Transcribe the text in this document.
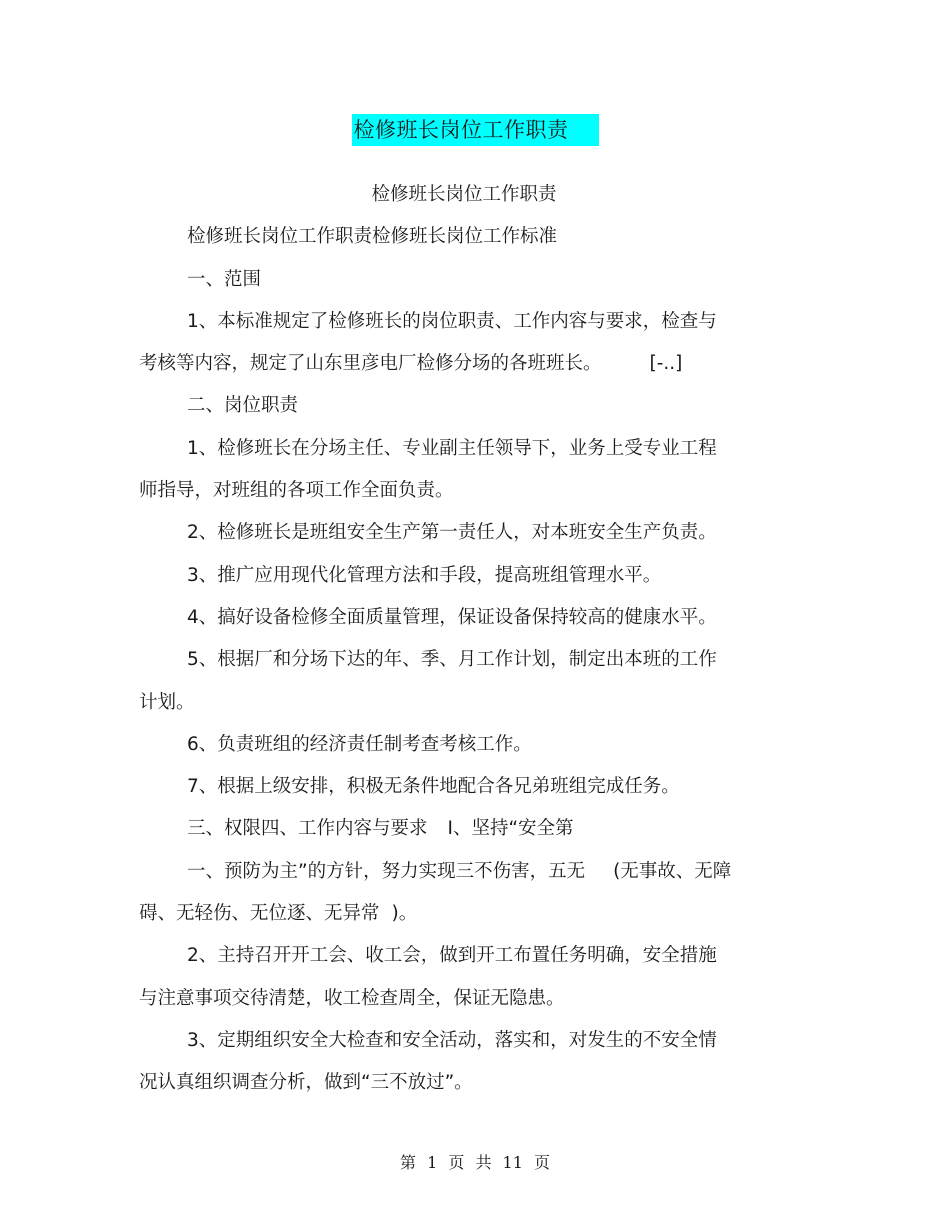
检修班长岗位工作职责
检修班长岗位工作职责
检修班长岗位工作职责检修班长岗位工作标准
一、范围
1、本标准规定了检修班长的岗位职责、工作内容与要求，检查与
考核等内容，规定了山东里彦电厂检修分场的各班班长。	[-..]
二、岗位职责
1、检修班长在分场主任、专业副主任领导下，业务上受专业工程
师指导，对班组的各项工作全面负责。
2、检修班长是班组安全生产第一责任人，对本班安全生产负责。
3、推广应用现代化管理方法和手段，提高班组管理水平。
4、搞好设备检修全面质量管理，保证设备保持较高的健康水平。
5、根据厂和分场下达的年、季、月工作计划，制定出本班的工作
计划。
6、负责班组的经济责任制考查考核工作。
7、根据上级安排，积极无条件地配合各兄弟班组完成任务。
三、权限四、工作内容与要求 I、坚持“安全第
一、预防为主”的方针，努力实现三不伤害，五无 (无事故、无障
碍、无轻伤、无位逐、无异常 )。
2、主持召开开工会、收工会，做到开工布置任务明确，安全措施
与注意事项交待清楚，收工检查周全，保证无隐患。
3、定期组织安全大检查和安全活动，落实和，对发生的不安全情
况认真组织调查分析，做到“三不放过”。
第 1 页 共 11 页
